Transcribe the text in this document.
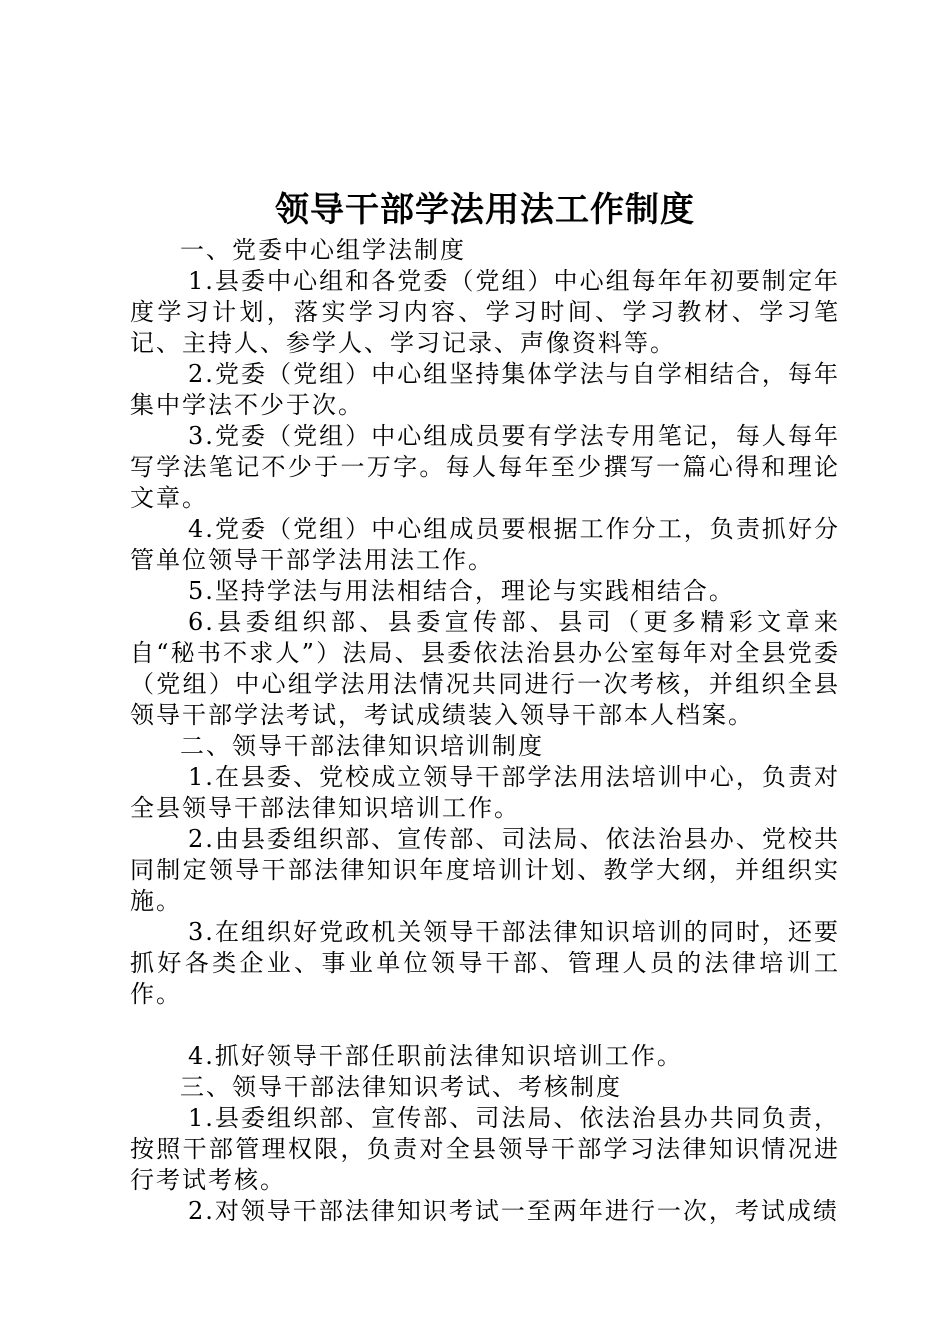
领导干部学法用法工作制度

一、党委中心组学法制度

1.县委中心组和各党委（党组）中心组每年年初要制定年度学习计划，落实学习内容、学习时间、学习教材、学习笔记、主持人、参学人、学习记录、声像资料等。

2.党委（党组）中心组坚持集体学法与自学相结合，每年集中学法不少于次。

3.党委（党组）中心组成员要有学法专用笔记，每人每年写学法笔记不少于一万字。每人每年至少撰写一篇心得和理论文章。

4.党委（党组）中心组成员要根据工作分工，负责抓好分管单位领导干部学法用法工作。

5.坚持学法与用法相结合，理论与实践相结合。

6.县委组织部、县委宣传部、县司（更多精彩文章来自“秘书不求人”）法局、县委依法治县办公室每年对全县党委（党组）中心组学法用法情况共同进行一次考核，并组织全县领导干部学法考试，考试成绩装入领导干部本人档案。

二、领导干部法律知识培训制度

1.在县委、党校成立领导干部学法用法培训中心，负责对全县领导干部法律知识培训工作。

2.由县委组织部、宣传部、司法局、依法治县办、党校共同制定领导干部法律知识年度培训计划、教学大纲，并组织实施。

3.在组织好党政机关领导干部法律知识培训的同时，还要抓好各类企业、事业单位领导干部、管理人员的法律培训工作。

4.抓好领导干部任职前法律知识培训工作。

三、领导干部法律知识考试、考核制度

1.县委组织部、宣传部、司法局、依法治县办共同负责，按照干部管理权限，负责对全县领导干部学习法律知识情况进行考试考核。

2.对领导干部法律知识考试一至两年进行一次，考试成绩
